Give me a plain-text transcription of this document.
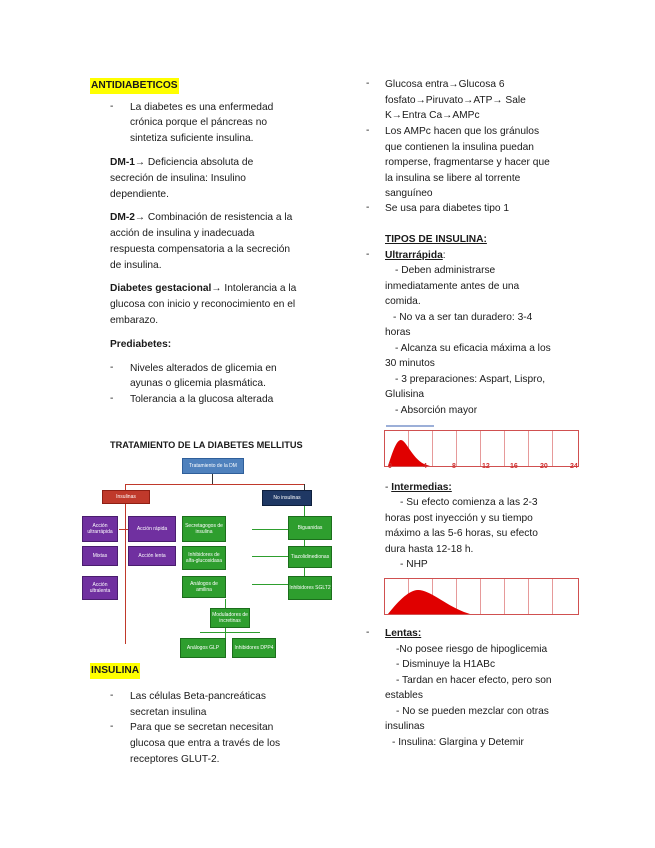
ANTIDIABETICOS
- La diabetes es una enfermedad
crónica porque el páncreas no
sintetiza suficiente insulina.
DM-1→ Deficiencia absoluta de
secreción de insulina: Insulino
dependiente.
DM-2→ Combinación de resistencia a la
acción de insulina y inadecuada
respuesta compensatoria a la secreción
de insulina.
Diabetes gestacional→ Intolerancia a la
glucosa con inicio y reconocimiento en el
embarazo.
Prediabetes:
- Niveles alterados de glicemia en
ayunas o glicemia plasmática.
- Tolerancia a la glucosa alterada
TRATAMIENTO DE LA DIABETES MELLITUS
Tratamiento de la DM
Insulinas	No insulinas
Acción ultrarrápida	Acción rápida
Mixtas	Acción lenta
Acción ultralenta
Secretagogos de insulina
Inhibidores de alfa-glucosidasa
Análogos de amilina
Moduladores de incretinas
Biguanidas
Tiazolidinedionas
Inhibidores SGLT2
Análogos GLP	Inhibidores DPP4
INSULINA
- Las células Beta-pancreáticas
secretan insulina
- Para que se secretan necesitan
glucosa que entra a través de los
receptores GLUT-2.
- Glucosa entra→Glucosa 6
fosfato→Piruvato→ATP→ Sale
K→Entra Ca→AMPc
- Los AMPc hacen que los gránulos
que contienen la insulina puedan
romperse, fragmentarse y hacer que
la insulina se libere al torrente
sanguíneo
- Se usa para diabetes tipo 1
TIPOS DE INSULINA:
- Ultrarrápida:
- Deben administrarse
inmediatamente antes de una
comida.
- No va a ser tan duradero: 3-4
horas
- Alcanza su eficacia máxima a los
30 minutos
- 3 preparaciones: Aspart, Lispro,
Glulisina
- Absorción mayor
0	4	8	12	16	20	24
- Intermedias:
- Su efecto comienza a las 2-3
horas post inyección y su tiempo
máximo a las 5-6 horas, su efecto
dura hasta 12-18 h.
- NHP
- Lentas:
-No posee riesgo de hipoglicemia
- Disminuye la H1ABc
- Tardan en hacer efecto, pero son
estables
- No se pueden mezclar con otras
insulinas
- Insulina: Glargina y Detemir
